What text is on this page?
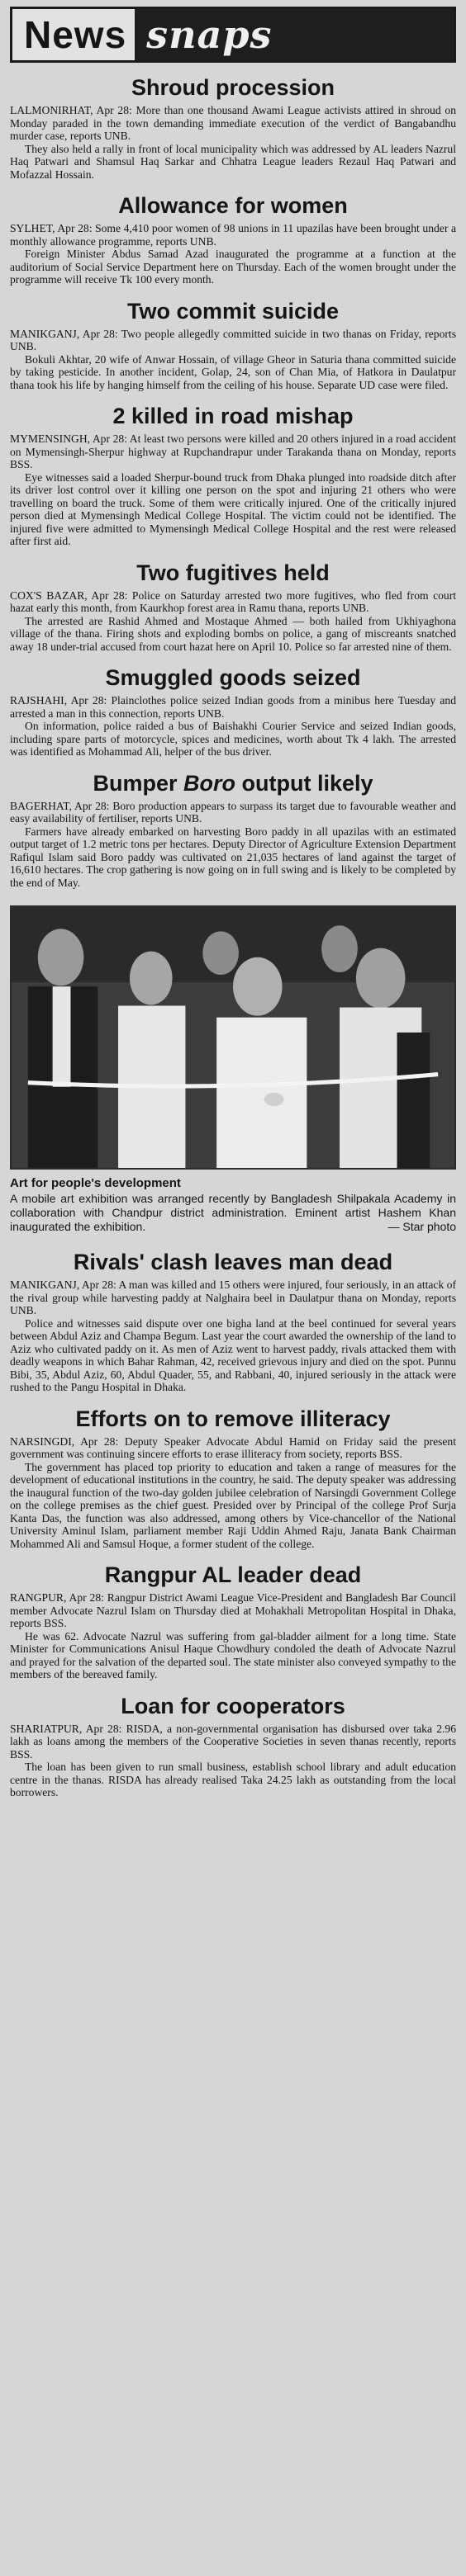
News snaps
Shroud procession

LALMONIRHAT, Apr 28: More than one thousand Awami League activists attired in shroud on Monday paraded in the town demanding immediate execution of the verdict of Bangabandhu murder case, reports UNB.

They also held a rally in front of local municipality which was addressed by AL leaders Nazrul Haq Patwari and Shamsul Haq Sarkar and Chhatra League leaders Rezaul Haq Patwari and Mofazzal Hossain.

Allowance for women

SYLHET, Apr 28: Some 4,410 poor women of 98 unions in 11 upazilas have been brought under a monthly allowance programme, reports UNB.

Foreign Minister Abdus Samad Azad inaugurated the programme at a function at the auditorium of Social Service Department here on Thursday. Each of the women brought under the programme will receive Tk 100 every month.

Two commit suicide

MANIKGANJ, Apr 28: Two people allegedly committed suicide in two thanas on Friday, reports UNB.

Bokuli Akhtar, 20 wife of Anwar Hossain, of village Gheor in Saturia thana committed suicide by taking pesticide. In another incident, Golap, 24, son of Chan Mia, of Hatkora in Daulatpur thana took his life by hanging himself from the ceiling of his house. Separate UD case were filed.

2 killed in road mishap

MYMENSINGH, Apr 28: At least two persons were killed and 20 others injured in a road accident on Mymensingh-Sherpur highway at Rupchandrapur under Tarakanda thana on Monday, reports BSS.

Eye witnesses said a loaded Sherpur-bound truck from Dhaka plunged into roadside ditch after its driver lost control over it killing one person on the spot and injuring 21 others who were travelling on board the truck. Some of them were critically injured. One of the critically injured person died at Mymensingh Medical College Hospital. The victim could not be identified. The injured five were admitted to Mymensingh Medical College Hospital and the rest were released after first aid.

Two fugitives held

COX'S BAZAR, Apr 28: Police on Saturday arrested two more fugitives, who fled from court hazat early this month, from Kaurkhop forest area in Ramu thana, reports UNB.

The arrested are Rashid Ahmed and Mostaque Ahmed — both hailed from Ukhiyaghona village of the thana. Firing shots and exploding bombs on police, a gang of miscreants snatched away 18 under-trial accused from court hazat here on April 10. Police so far arrested nine of them.

Smuggled goods seized

RAJSHAHI, Apr 28: Plainclothes police seized Indian goods from a minibus here Tuesday and arrested a man in this connection, reports UNB.

On information, police raided a bus of Baishakhi Courier Service and seized Indian goods, including spare parts of motorcycle, spices and medicines, worth about Tk 4 lakh. The arrested was identified as Mohammad Ali, helper of the bus driver.

Bumper Boro output likely

BAGERHAT, Apr 28: Boro production appears to surpass its target due to favourable weather and easy availability of fertiliser, reports UNB.

Farmers have already embarked on harvesting Boro paddy in all upazilas with an estimated output target of 1.2 metric tons per hectares. Deputy Director of Agriculture Extension Department Rafiqul Islam said Boro paddy was cultivated on 21,035 hectares of land against the target of 16,610 hectares. The crop gathering is now going on in full swing and is likely to be completed by the end of May.

Art for people's development
A mobile art exhibition was arranged recently by Bangladesh Shilpakala Academy in collaboration with Chandpur district administration. Eminent artist Hashem Khan inaugurated the exhibition.	— Star photo
Rivals' clash leaves man dead

MANIKGANJ, Apr 28: A man was killed and 15 others were injured, four seriously, in an attack of the rival group while harvesting paddy at Nalghaira beel in Daulatpur thana on Monday, reports UNB.

Police and witnesses said dispute over one bigha land at the beel continued for several years between Abdul Aziz and Champa Begum. Last year the court awarded the ownership of the land to Aziz who cultivated paddy on it. As men of Aziz went to harvest paddy, rivals attacked them with deadly weapons in which Bahar Rahman, 42, received grievous injury and died on the spot. Punnu Bibi, 35, Abdul Aziz, 60, Abdul Quader, 55, and Rabbani, 40, injured seriously in the attack were rushed to the Pangu Hospital in Dhaka.

Efforts on to remove illiteracy

NARSINGDI, Apr 28: Deputy Speaker Advocate Abdul Hamid on Friday said the present government was continuing sincere efforts to erase illiteracy from society, reports BSS.

The government has placed top priority to education and taken a range of measures for the development of educational institutions in the country, he said. The deputy speaker was addressing the inaugural function of the two-day golden jubilee celebration of Narsingdi Government College on the college premises as the chief guest. Presided over by Principal of the college Prof Surja Kanta Das, the function was also addressed, among others by Vice-chancellor of the National University Aminul Islam, parliament member Raji Uddin Ahmed Raju, Janata Bank Chairman Mohammed Ali and Samsul Hoque, a former student of the college.

Rangpur AL leader dead

RANGPUR, Apr 28: Rangpur District Awami League Vice-President and Bangladesh Bar Council member Advocate Nazrul Islam on Thursday died at Mohakhali Metropolitan Hospital in Dhaka, reports BSS.

He was 62. Advocate Nazrul was suffering from gal-bladder ailment for a long time. State Minister for Communications Anisul Haque Chowdhury condoled the death of Advocate Nazrul and prayed for the salvation of the departed soul. The state minister also conveyed sympathy to the members of the bereaved family.

Loan for cooperators

SHARIATPUR, Apr 28: RISDA, a non-governmental organisation has disbursed over taka 2.96 lakh as loans among the members of the Cooperative Societies in seven thanas recently, reports BSS.

The loan has been given to run small business, establish school library and adult education centre in the thanas. RISDA has already realised Taka 24.25 lakh as outstanding from the local borrowers.
